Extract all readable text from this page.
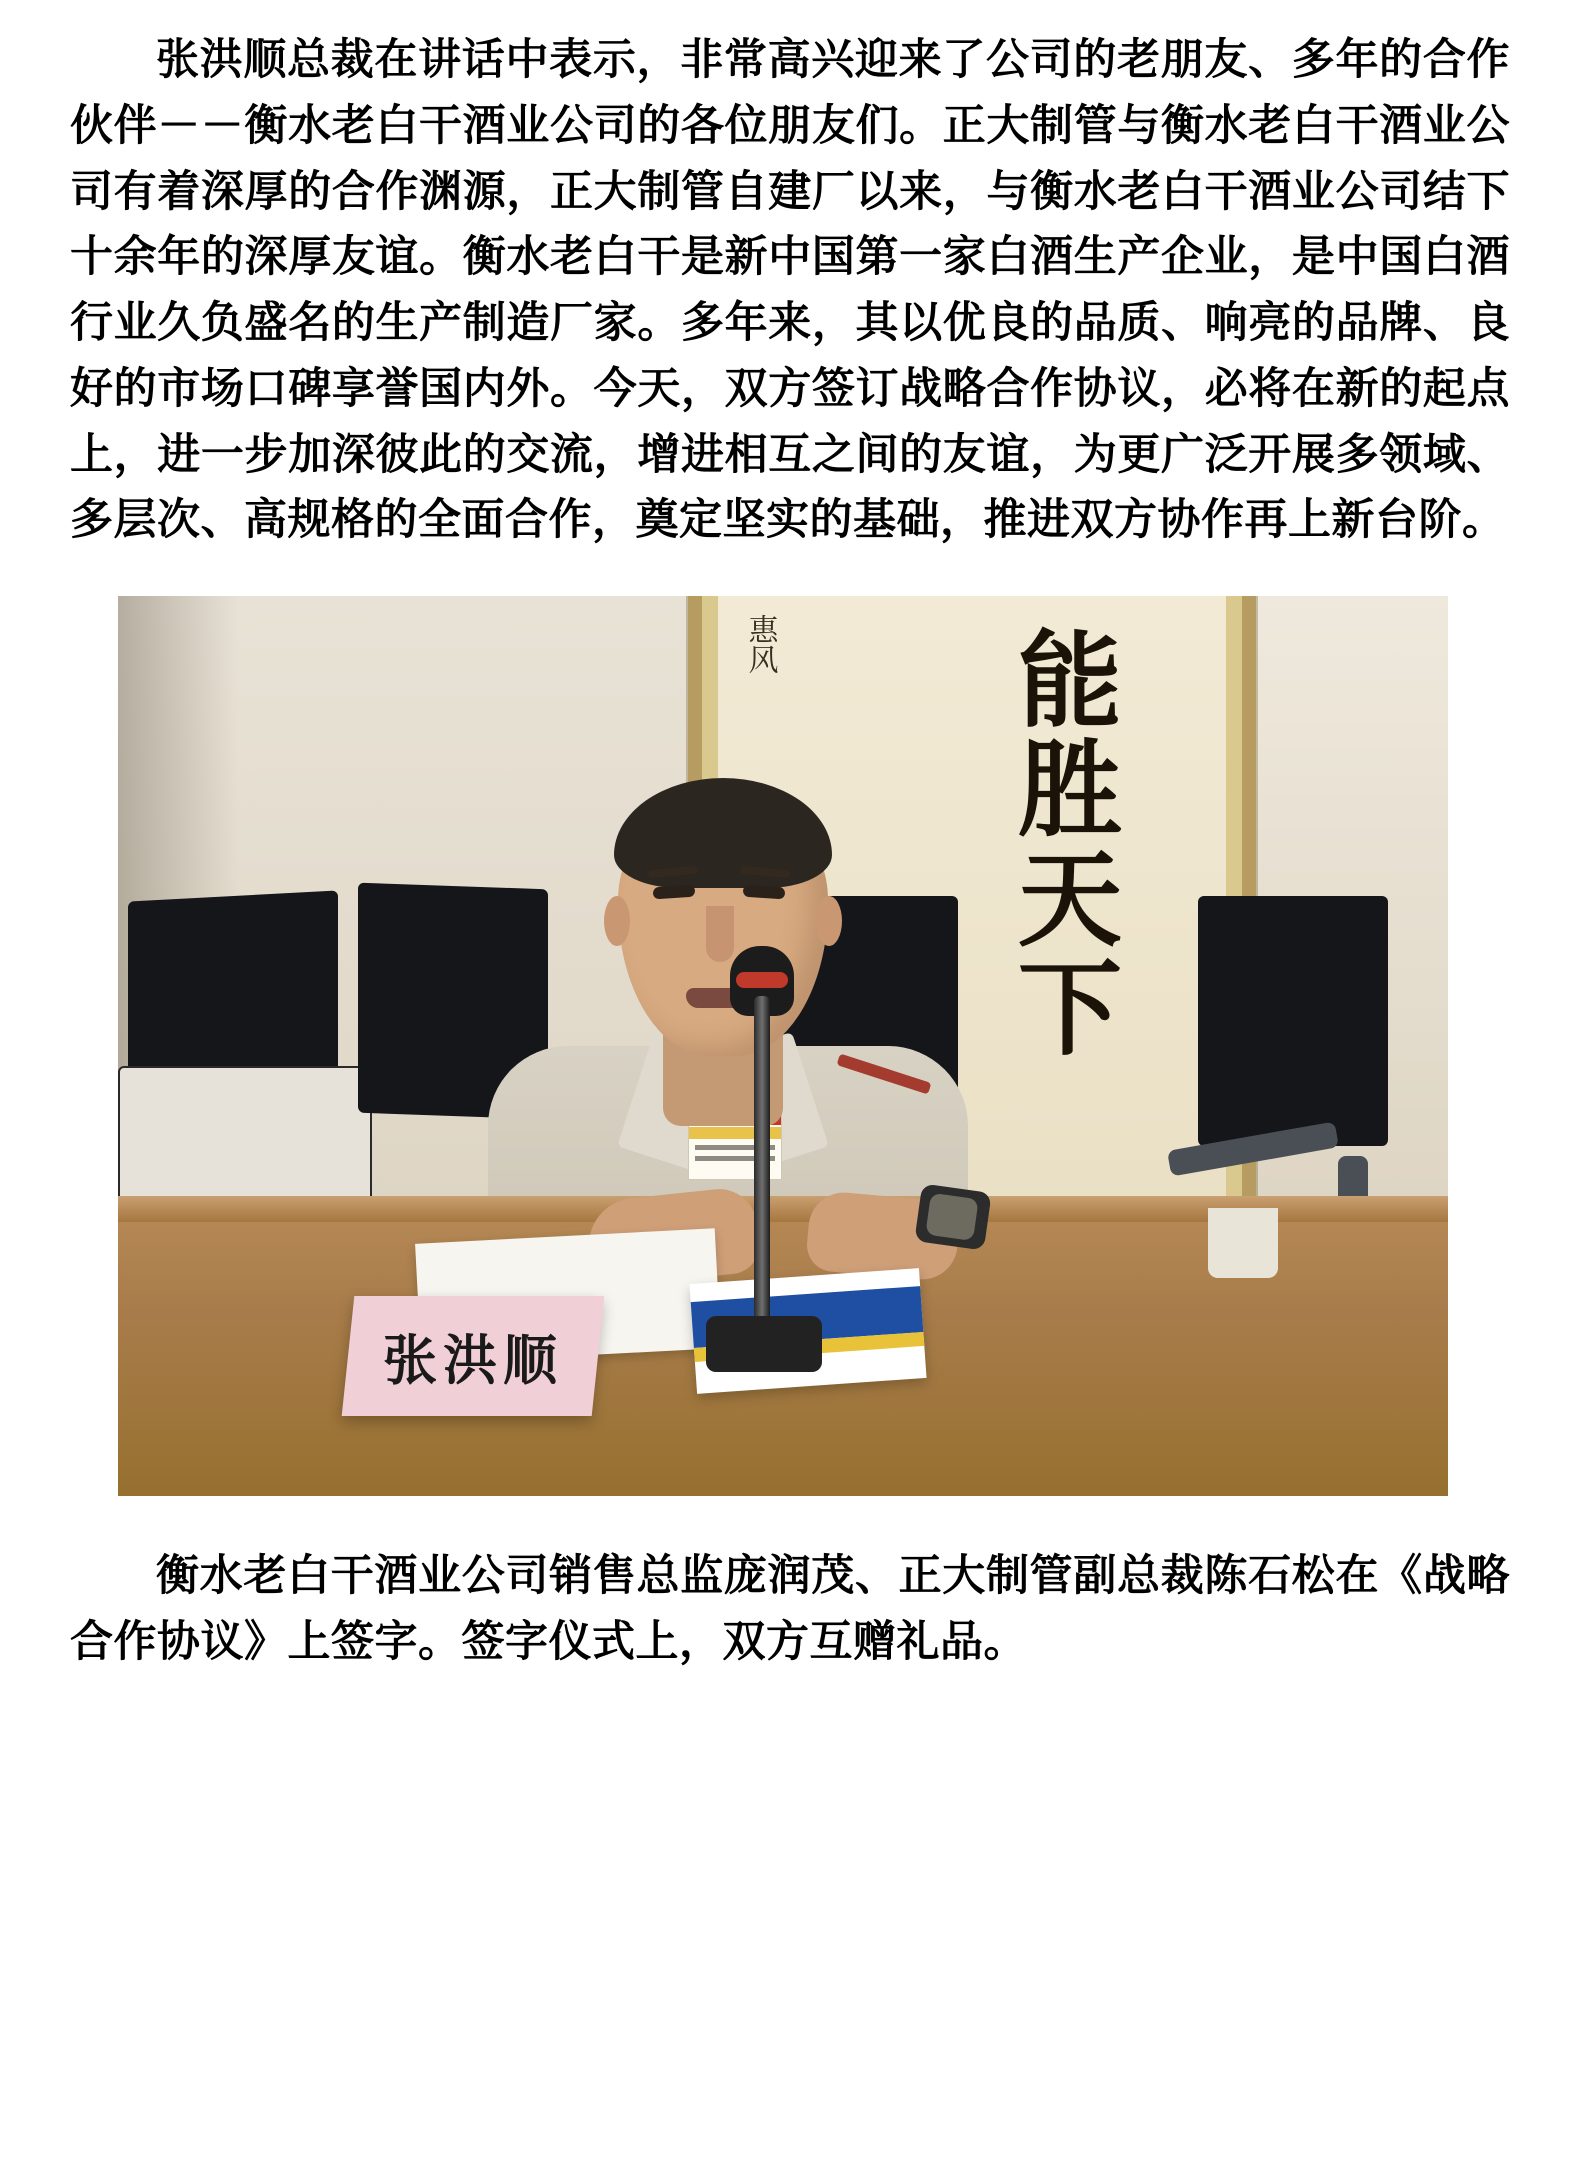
张洪顺总裁在讲话中表示，非常高兴迎来了公司的老朋友、多年的合作伙伴－－衡水老白干酒业公司的各位朋友们。正大制管与衡水老白干酒业公司有着深厚的合作渊源，正大制管自建厂以来，与衡水老白干酒业公司结下十余年的深厚友谊。衡水老白干是新中国第一家白酒生产企业，是中国白酒行业久负盛名的生产制造厂家。多年来，其以优良的品质、响亮的品牌、良好的市场口碑享誉国内外。今天，双方签订战略合作协议，必将在新的起点上，进一步加深彼此的交流，增进相互之间的友谊，为更广泛开展多领域、多层次、高规格的全面合作，奠定坚实的基础，推进双方协作再上新台阶。

惠风 能
胜
天
下
张洪顺

衡水老白干酒业公司销售总监庞润茂、正大制管副总裁陈石松在《战略合作协议》上签字。签字仪式上，双方互赠礼品。
